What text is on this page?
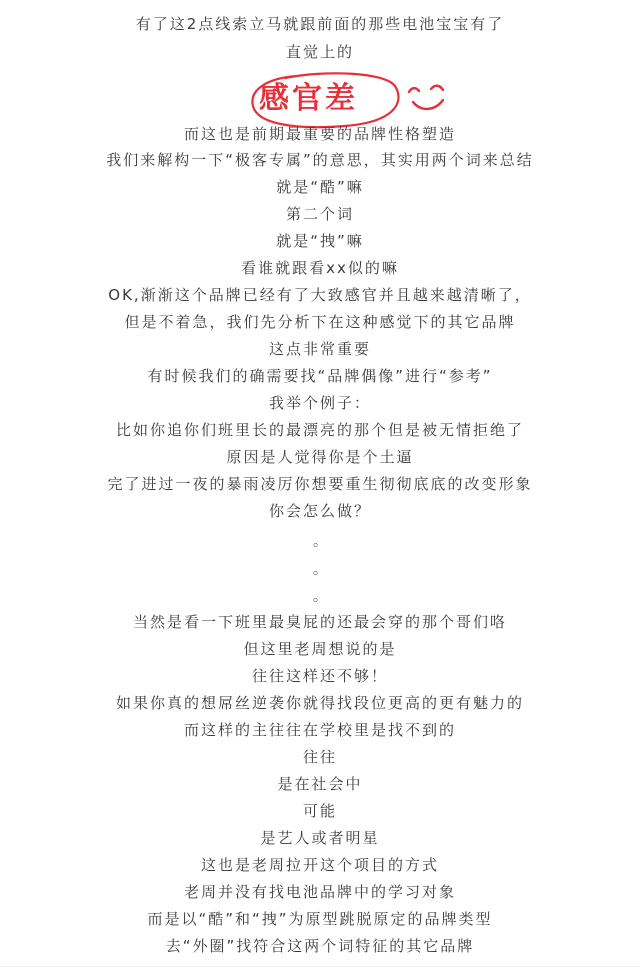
有了这2点线索立马就跟前面的那些电池宝宝有了
直觉上的
感官差
而这也是前期最重要的品牌性格塑造
我们来解构一下“极客专属”的意思，其实用两个词来总结
就是“酷”嘛
第二个词
就是“拽”嘛
看谁就跟看xx似的嘛
OK,渐渐这个品牌已经有了大致感官并且越来越清晰了，
但是不着急，我们先分析下在这种感觉下的其它品牌
这点非常重要
有时候我们的确需要找“品牌偶像”进行“参考”
我举个例子：
比如你追你们班里长的最漂亮的那个但是被无情拒绝了
原因是人觉得你是个土逼
完了进过一夜的暴雨凌厉你想要重生彻彻底底的改变形象
你会怎么做？
。
。
。
当然是看一下班里最臭屁的还最会穿的那个哥们咯
但这里老周想说的是
往往这样还不够！
如果你真的想屌丝逆袭你就得找段位更高的更有魅力的
而这样的主往往在学校里是找不到的
往往
是在社会中
可能
是艺人或者明星
这也是老周拉开这个项目的方式
老周并没有找电池品牌中的学习对象
而是以“酷”和“拽”为原型跳脱原定的品牌类型
去“外圈”找符合这两个词特征的其它品牌
